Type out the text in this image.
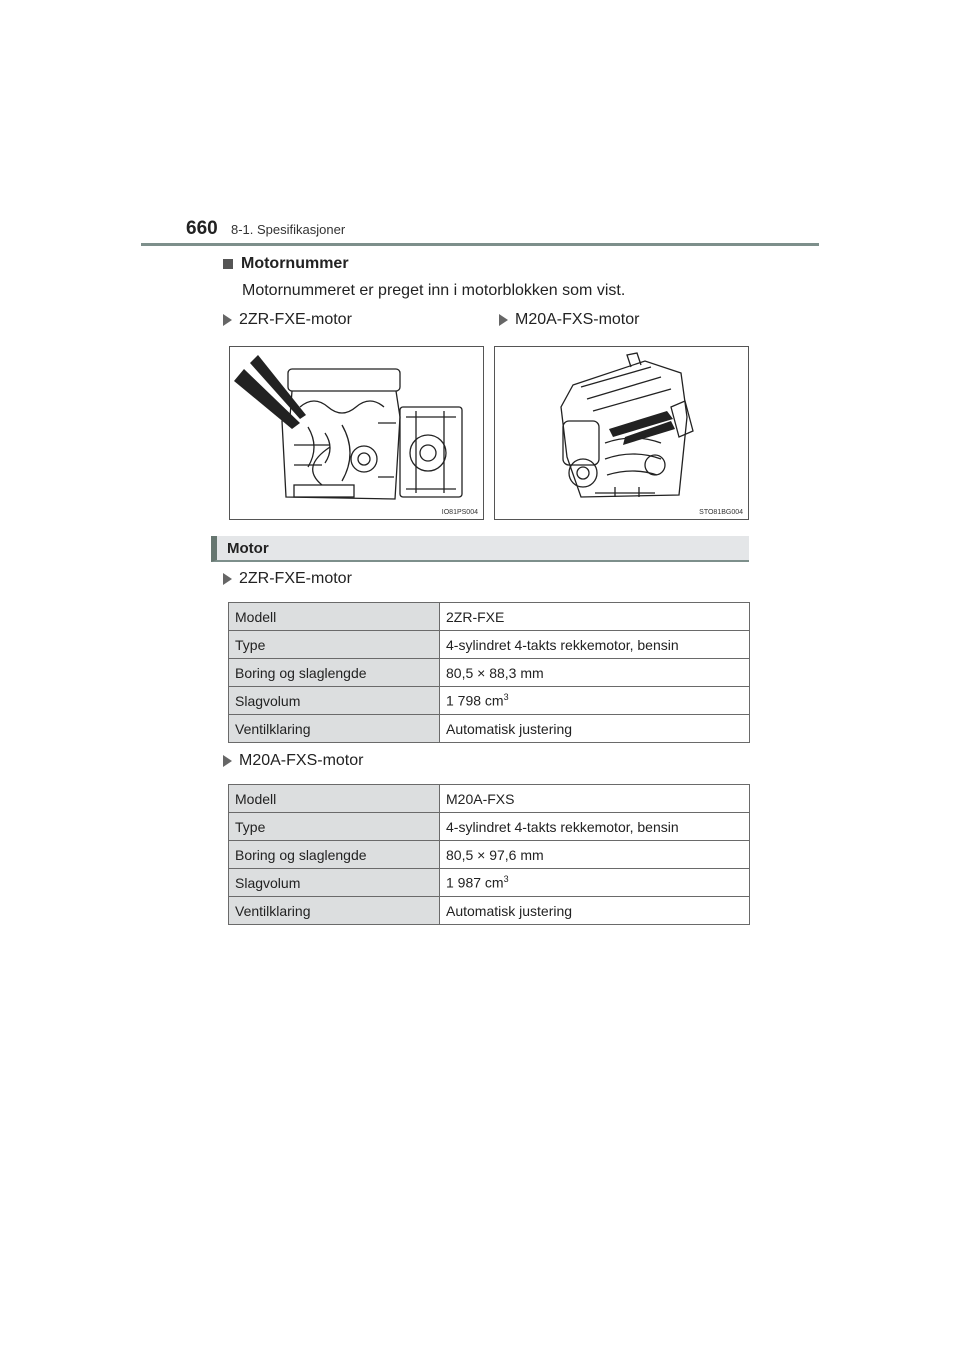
660 8-1. Spesifikasjoner
Motornummer
Motornummeret er preget inn i motorblokken som vist.
2ZR-FXE-motor	M20A-FXS-motor
IO81PS004	STO81BG004
Motor
2ZR-FXE-motor
Modell	2ZR-FXE
Type	4-sylindret 4-takts rekkemotor, bensin
Boring og slaglengde	80,5 × 88,3 mm
Slagvolum	1 798 $cm^3$
Ventilklaring	Automatisk justering
M20A-FXS-motor
Modell	M20A-FXS
Type	4-sylindret 4-takts rekkemotor, bensin
Boring og slaglengde	80,5 × 97,6 mm
Slagvolum	1 987 $cm^3$
Ventilklaring	Automatisk justering
